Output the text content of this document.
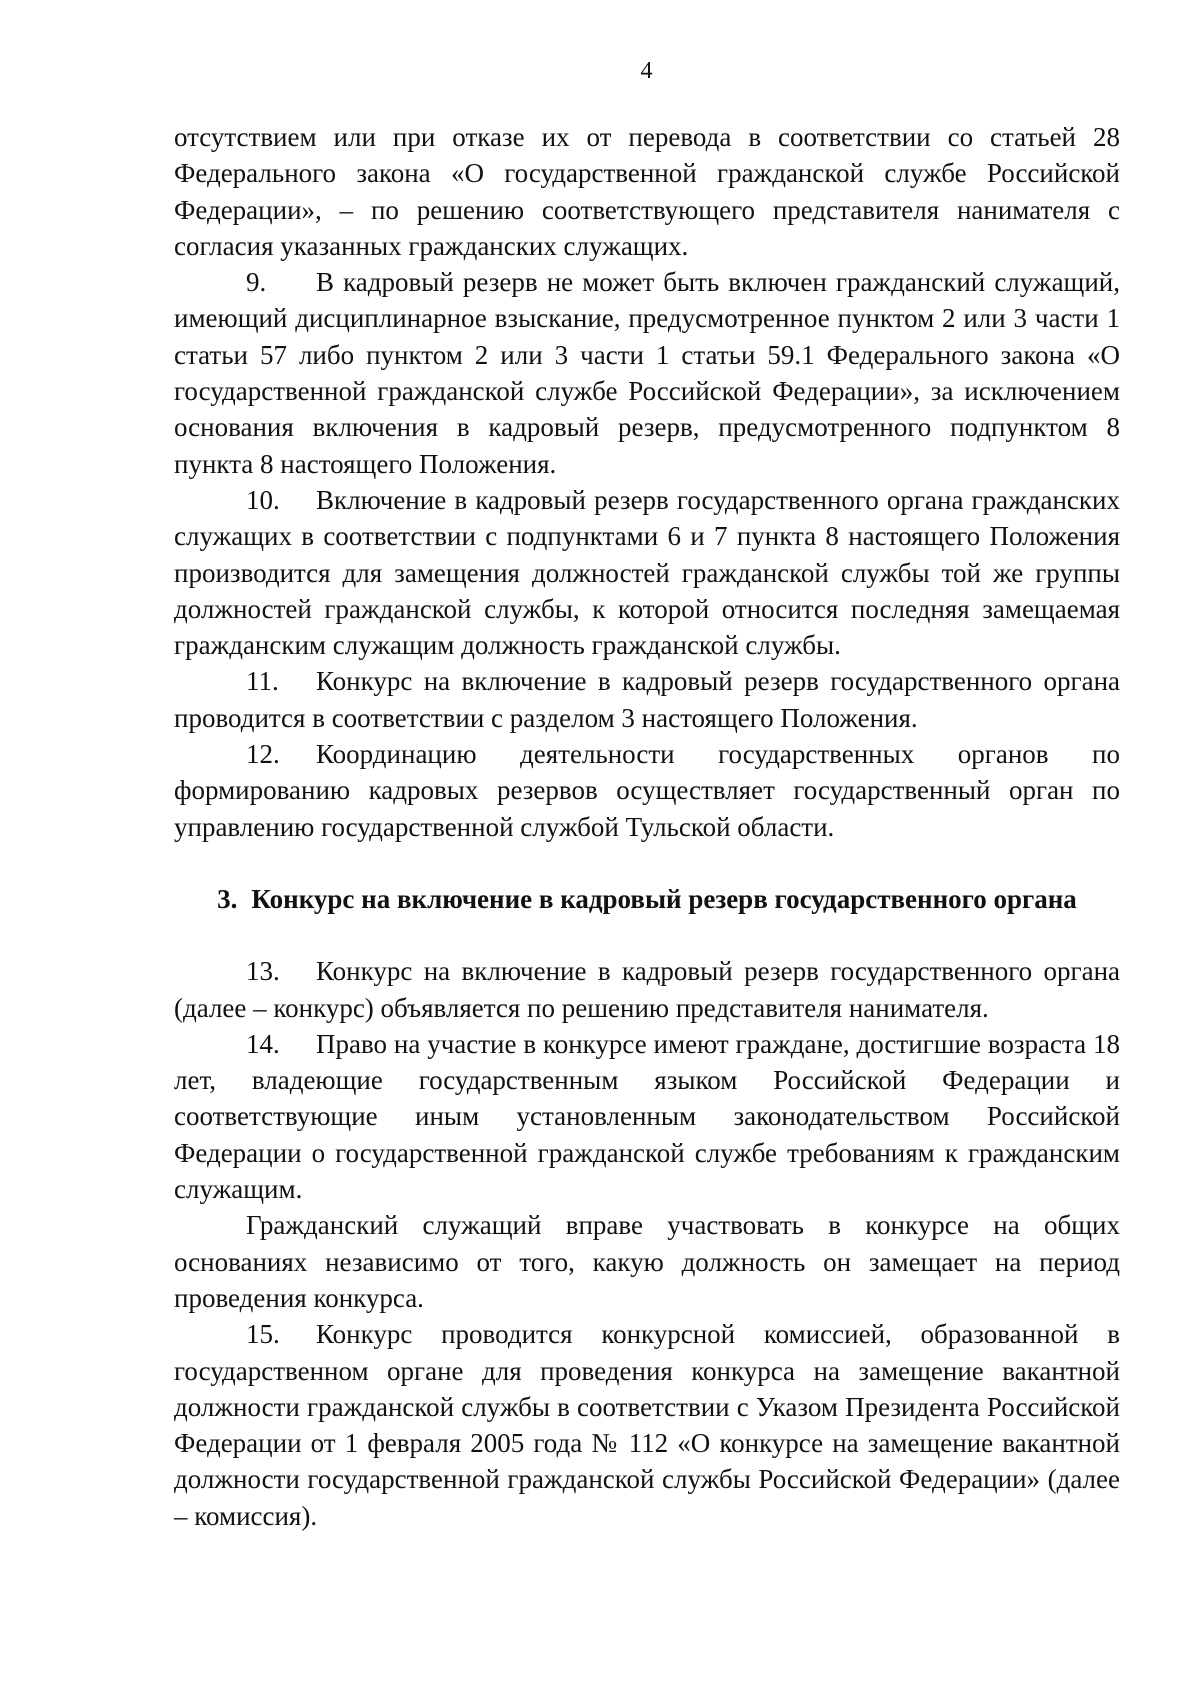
4

отсутствием или при отказе их от перевода в соответствии со статьей 28 Федерального закона «О государственной гражданской службе Российской Федерации», – по решению соответствующего представителя нанимателя с согласия указанных гражданских служащих.

9. В кадровый резерв не может быть включен гражданский служащий, имеющий дисциплинарное взыскание, предусмотренное пунктом 2 или 3 части 1 статьи 57 либо пунктом 2 или 3 части 1 статьи 59.1 Федерального закона «О государственной гражданской службе Российской Федерации», за исключением основания включения в кадровый резерв, предусмотренного подпунктом 8 пункта 8 настоящего Положения.

10. Включение в кадровый резерв государственного органа гражданских служащих в соответствии с подпунктами 6 и 7 пункта 8 настоящего Положения производится для замещения должностей гражданской службы той же группы должностей гражданской службы, к которой относится последняя замещаемая гражданским служащим должность гражданской службы.

11. Конкурс на включение в кадровый резерв государственного органа проводится в соответствии с разделом 3 настоящего Положения.

12. Координацию деятельности государственных органов по формированию кадровых резервов осуществляет государственный орган по управлению государственной службой Тульской области.

3. Конкурс на включение в кадровый резерв государственного органа

13. Конкурс на включение в кадровый резерв государственного органа (далее – конкурс) объявляется по решению представителя нанимателя.

14. Право на участие в конкурсе имеют граждане, достигшие возраста 18 лет, владеющие государственным языком Российской Федерации и соответствующие иным установленным законодательством Российской Федерации о государственной гражданской службе требованиям к гражданским служащим.

Гражданский служащий вправе участвовать в конкурсе на общих основаниях независимо от того, какую должность он замещает на период проведения конкурса.

15. Конкурс проводится конкурсной комиссией, образованной в государственном органе для проведения конкурса на замещение вакантной должности гражданской службы в соответствии с Указом Президента Российской Федерации от 1 февраля 2005 года № 112 «О конкурсе на замещение вакантной должности государственной гражданской службы Российской Федерации» (далее – комиссия).
